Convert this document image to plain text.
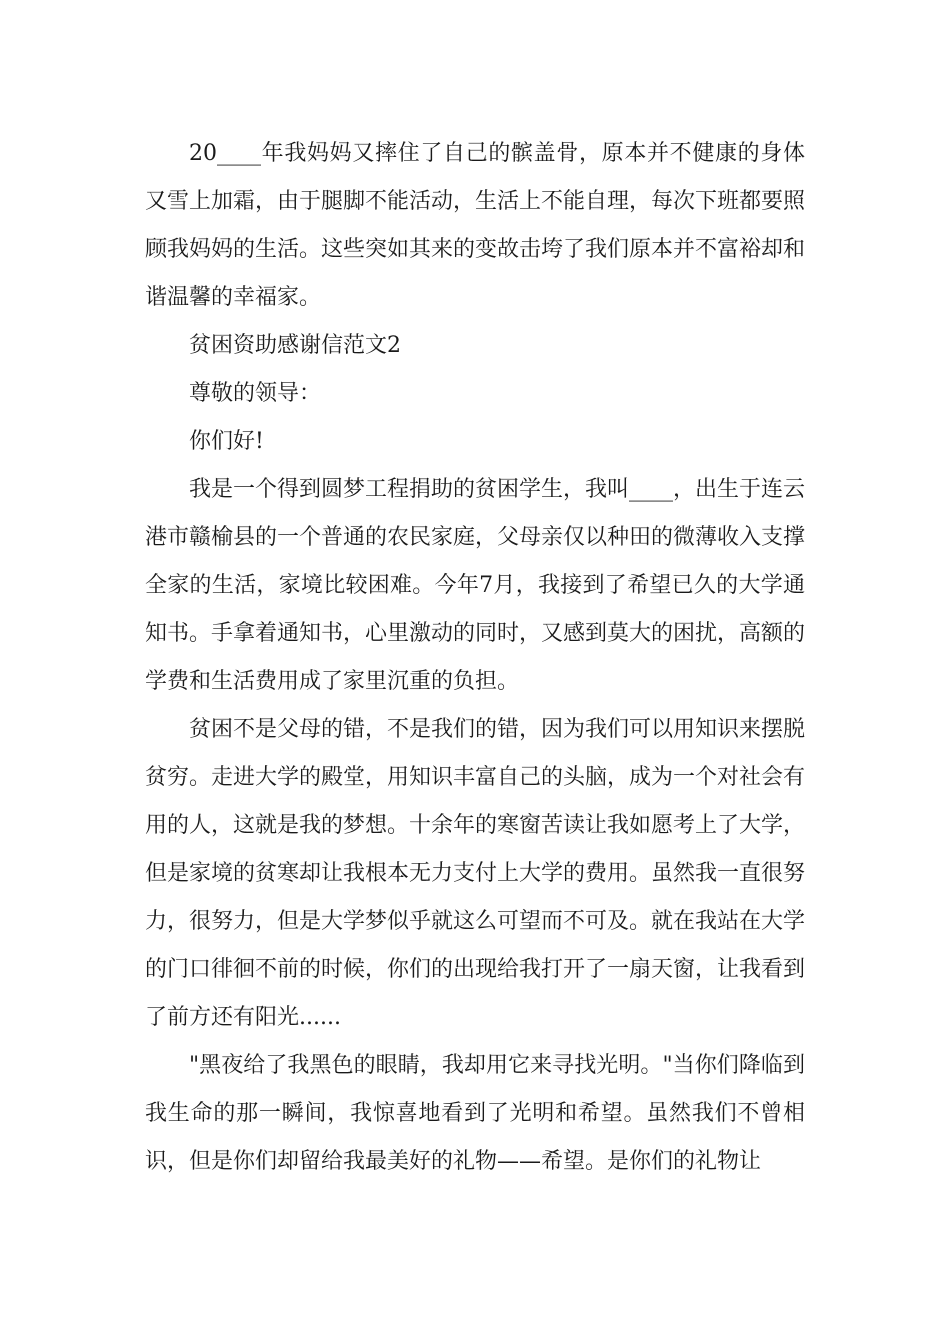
20____年我妈妈又摔住了自己的髌盖骨，原本并不健康的身体又雪上加霜，由于腿脚不能活动，生活上不能自理，每次下班都要照顾我妈妈的生活。这些突如其来的变故击垮了我们原本并不富裕却和谐温馨的幸福家。

贫困资助感谢信范文2

尊敬的领导：

你们好!

我是一个得到圆梦工程捐助的贫困学生，我叫____，出生于连云港市赣榆县的一个普通的农民家庭，父母亲仅以种田的微薄收入支撑全家的生活，家境比较困难。今年7月，我接到了希望已久的大学通知书。手拿着通知书，心里激动的同时，又感到莫大的困扰，高额的学费和生活费用成了家里沉重的负担。

贫困不是父母的错，不是我们的错，因为我们可以用知识来摆脱贫穷。走进大学的殿堂，用知识丰富自己的头脑，成为一个对社会有用的人，这就是我的梦想。十余年的寒窗苦读让我如愿考上了大学，但是家境的贫寒却让我根本无力支付上大学的费用。虽然我一直很努力，很努力，但是大学梦似乎就这么可望而不可及。就在我站在大学的门口徘徊不前的时候，你们的出现给我打开了一扇天窗，让我看到了前方还有阳光......

"黑夜给了我黑色的眼睛，我却用它来寻找光明。"当你们降临到我生命的那一瞬间，我惊喜地看到了光明和希望。虽然我们不曾相识，但是你们却留给我最美好的礼物——希望。是你们的礼物让
